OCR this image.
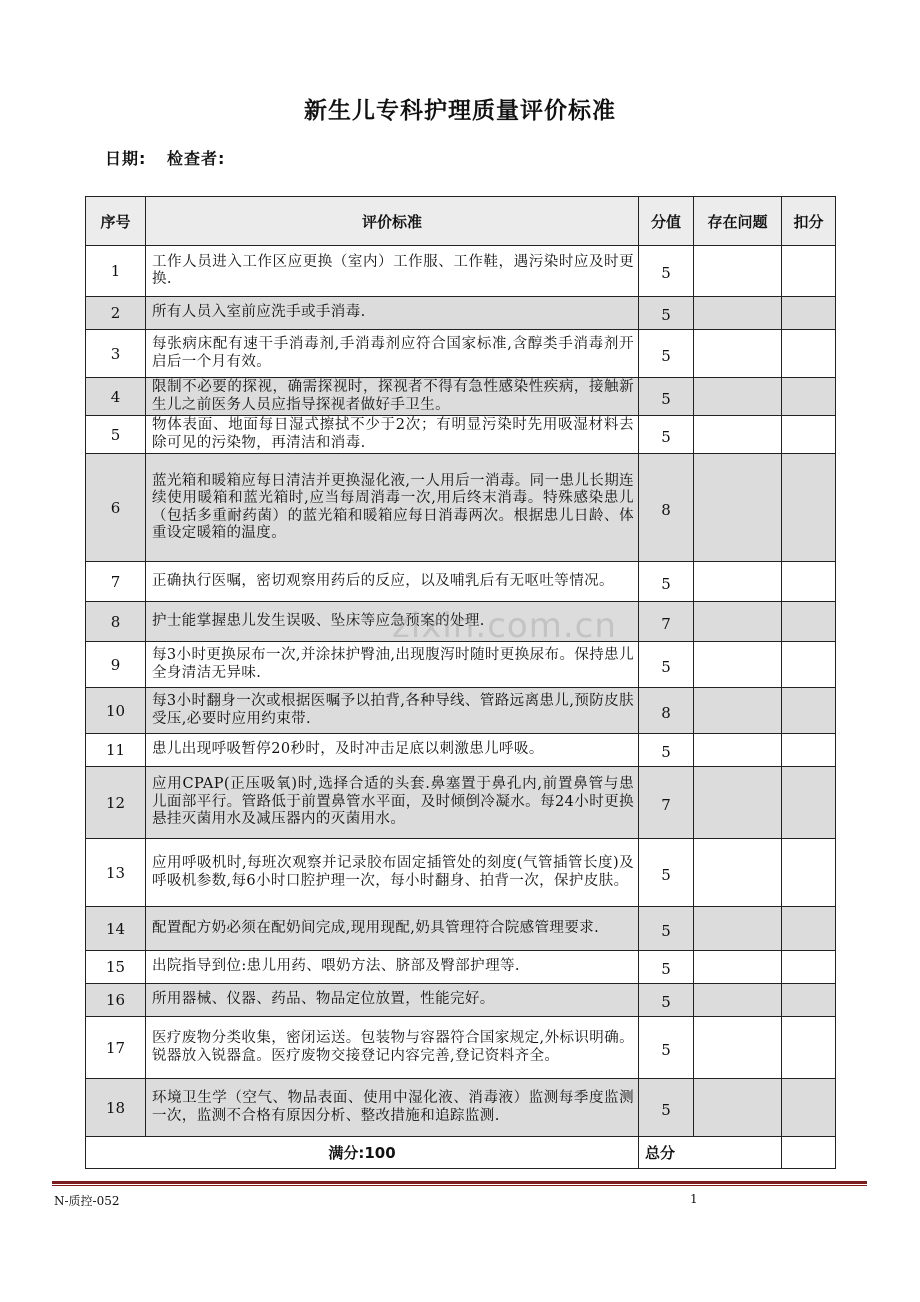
新生儿专科护理质量评价标准
日期: 检查者:
序号	评价标准	分值	存在问题	扣分
1	工作人员进入工作区应更换（室内）工作服、工作鞋，遇污染时应及时更换.	5		
2	所有人员入室前应洗手或手消毒.	5		
3	每张病床配有速干手消毒剂,手消毒剂应符合国家标准,含醇类手消毒剂开启后一个月有效。	5		
4	限制不必要的探视，确需探视时，探视者不得有急性感染性疾病，接触新生儿之前医务人员应指导探视者做好手卫生。	5		
5	物体表面、地面每日湿式擦拭不少于2次；有明显污染时先用吸湿材料去除可见的污染物，再清洁和消毒.	5		
6	蓝光箱和暖箱应每日清洁并更换湿化液,一人用后一消毒。同一患儿长期连续使用暖箱和蓝光箱时,应当每周消毒一次,用后终末消毒。特殊感染患儿（包括多重耐药菌）的蓝光箱和暖箱应每日消毒两次。根据患儿日龄、体重设定暖箱的温度。	8		
7	正确执行医嘱，密切观察用药后的反应，以及哺乳后有无呕吐等情况。	5		
8	护士能掌握患儿发生误吸、坠床等应急预案的处理.	7		
9	每3小时更换尿布一次,并涂抹护臀油,出现腹泻时随时更换尿布。保持患儿全身清洁无异味.	5		
10	每3小时翻身一次或根据医嘱予以拍背,各种导线、管路远离患儿,预防皮肤受压,必要时应用约束带.	8		
11	患儿出现呼吸暂停20秒时，及时冲击足底以刺激患儿呼吸。	5		
12	应用CPAP(正压吸氧)时,选择合适的头套.鼻塞置于鼻孔内,前置鼻管与患儿面部平行。管路低于前置鼻管水平面，及时倾倒冷凝水。每24小时更换悬挂灭菌用水及减压器内的灭菌用水。	7		
13	应用呼吸机时,每班次观察并记录胶布固定插管处的刻度(气管插管长度)及呼吸机参数,每6小时口腔护理一次，每小时翻身、拍背一次，保护皮肤。	5		
14	配置配方奶必须在配奶间完成,现用现配,奶具管理符合院感管理要求.	5		
15	出院指导到位:患儿用药、喂奶方法、脐部及臀部护理等.	5		
16	所用器械、仪器、药品、物品定位放置，性能完好。	5		
17	医疗废物分类收集，密闭运送。包装物与容器符合国家规定,外标识明确。锐器放入锐器盒。医疗废物交接登记内容完善,登记资料齐全。	5		
18	环境卫生学（空气、物品表面、使用中湿化液、消毒液）监测每季度监测一次，监测不合格有原因分析、整改措施和追踪监测.	5		
满分:100		总分		
zixin.com.cn
N-质控-052	1
